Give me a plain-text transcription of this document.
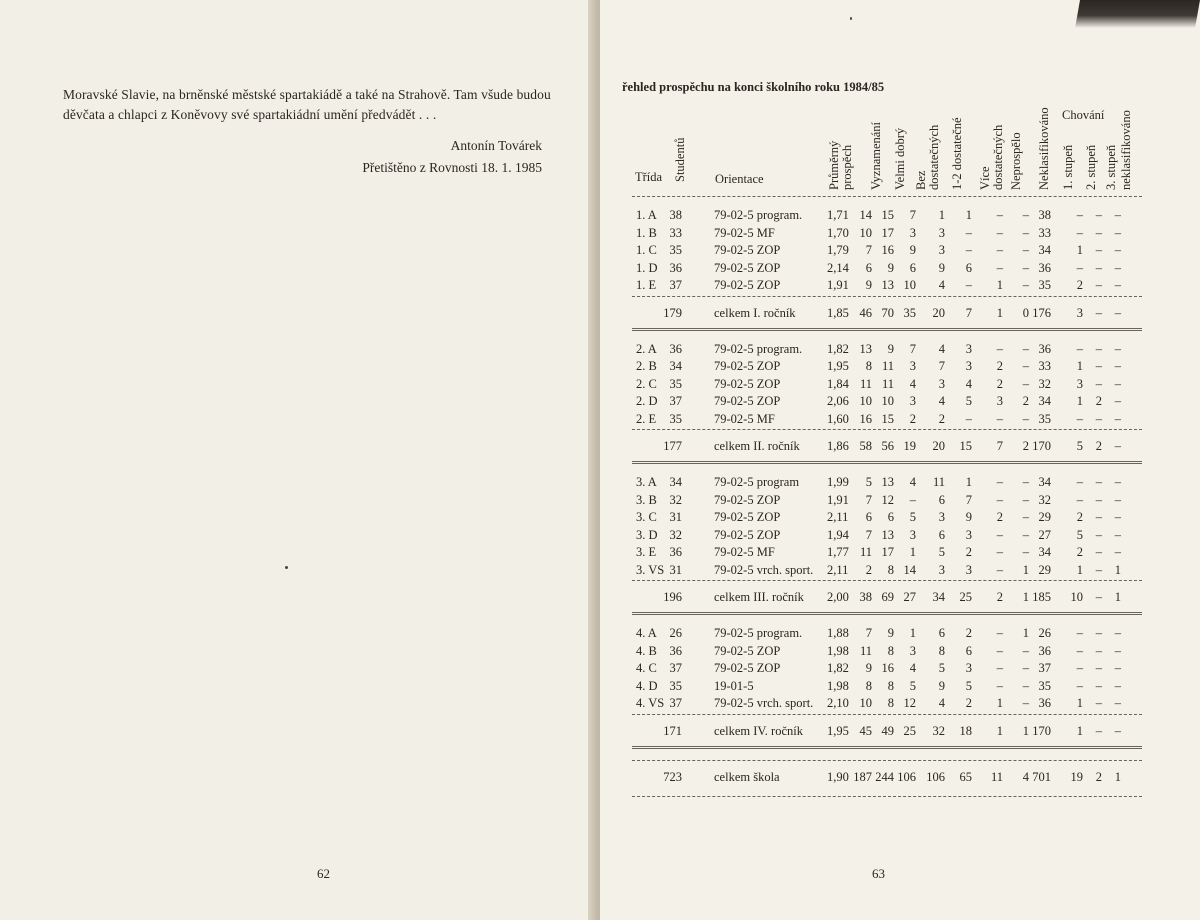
Moravské Slavie, na brněnské městské spartakiádě a také na Strahově. Tam všude budou
děvčata a chlapci z Koněvovy své spartakiádní umění předvádět . . .
Antonín Továrek
Přetištěno z Rovnosti 18. 1. 1985
62
řehled prospěchu na konci školního roku 1984/85
Třída Studentů Orientace	Průměrný prospěch Vyznamenání Velmi dobrý Bez dostatečných 1-2 dostatečné Více dostatečných Neprospělo Neklasifikováno Chování
1. stupeň 2. stupeň 3. stupeň neklasifikováno
1. A 38	79-02-5 program. 1,71 14 15 7 1 1 – – 38 – – –
1. B 33	79-02-5 MF	1,70 10 17 3 3 – – – 33 – – –
1. C 35	79-02-5 ZOP	1,79 7 16 9 3 – – – 34 1 – –
1. D 36	79-02-5 ZOP	2,14 6 9 6 9 6 – – 36 – – –
1. E 37	79-02-5 ZOP	1,91 9 13 10 4 – 1 – 35 2 – –
179	celkem I. ročník	1,85 46 70 35 20 7 1 0 176 3 – –
2. A 36	79-02-5 program. 1,82 13 9 7 4 3 – – 36 – – –
2. B 34	79-02-5 ZOP	1,95 8 11 3 7 3 2 – 33 1 – –
2. C 35	79-02-5 ZOP	1,84 11 11 4 3 4 2 – 32 3 – –
2. D 37	79-02-5 ZOP	2,06 10 10 3 4 5 3 2 34 1 2 –
2. E 35	79-02-5 MF	1,60 16 15 2 2 – – – 35 – – –
177	celkem II. ročník 1,86 58 56 19 20 15 7 2 170 5 2 –
3. A 34	79-02-5 program 1,99 5 13 4 11 1 – – 34 – – –
3. B 32	79-02-5 ZOP	1,91 7 12 – 6 7 – – 32 – – –
3. C 31	79-02-5 ZOP	2,11 6 6 5 3 9 2 – 29 2 – –
3. D 32	79-02-5 ZOP	1,94 7 13 3 6 3 – – 27 5 – –
3. E 36	79-02-5 MF	1,77 11 17 1 5 2 – – 34 2 – –
3. VS 31	79-02-5 vrch. sport. 2,11 2 8 14 3 3 – 1 29 1 – 1
196	celkem III. ročník 2,00 38 69 27 34 25 2 1 185 10 – 1
4. A 26	79-02-5 program. 1,88 7 9 1 6 2 – 1 26 – – –
4. B 36	79-02-5 ZOP	1,98 11 8 3 8 6 – – 36 – – –
4. C 37	79-02-5 ZOP	1,82 9 16 4 5 3 – – 37 – – –
4. D 35	19-01-5	1,98 8 8 5 9 5 – – 35 – – –
4. VS 37	79-02-5 vrch. sport. 2,10 10 8 12 4 2 1 – 36 1 – –
171	celkem IV. ročník 1,95 45 49 25 32 18 1 1 170 1 – –
723	celkem škola	1,90 187 244 106 106 65 11 4 701 19 2 1
63
